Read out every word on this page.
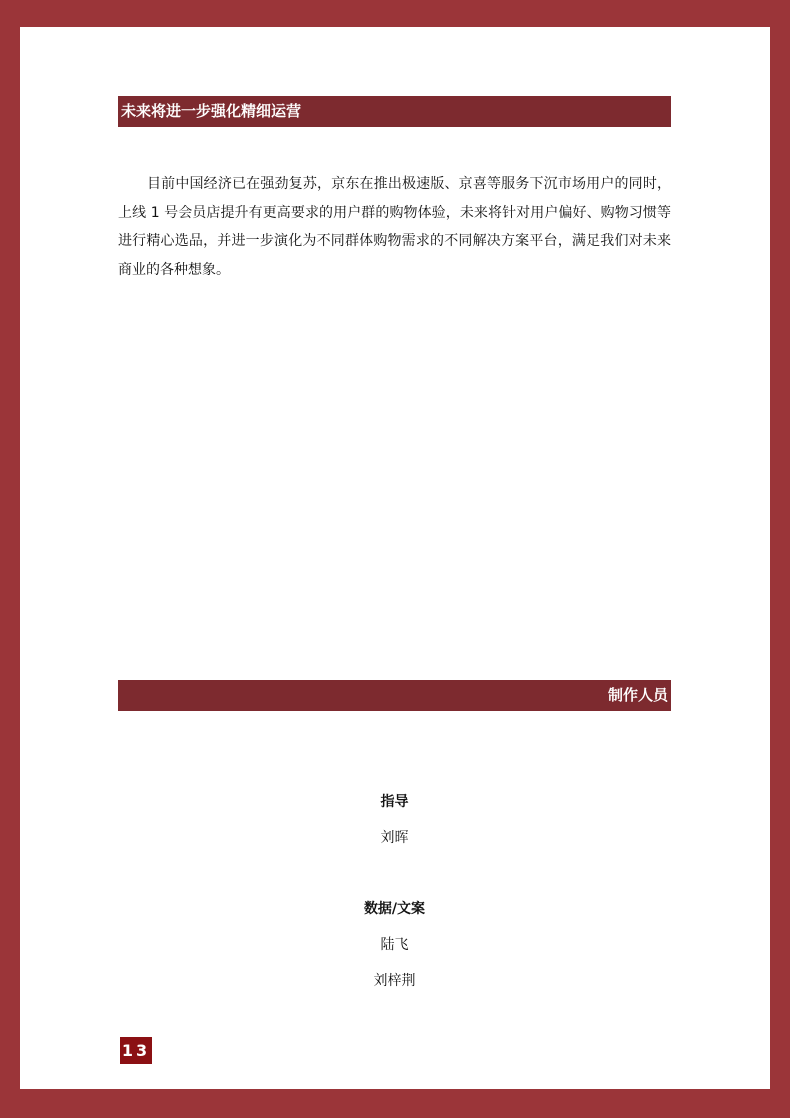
未来将进一步强化精细运营

目前中国经济已在强劲复苏，京东在推出极速版、京喜等服务下沉市场用户的同时，上线 1 号会员店提升有更高要求的用户群的购物体验，未来将针对用户偏好、购物习惯等进行精心选品，并进一步演化为不同群体购物需求的不同解决方案平台，满足我们对未来商业的各种想象。

制作人员
指导
刘晖
数据/文案
陆飞
刘梓荆
13
